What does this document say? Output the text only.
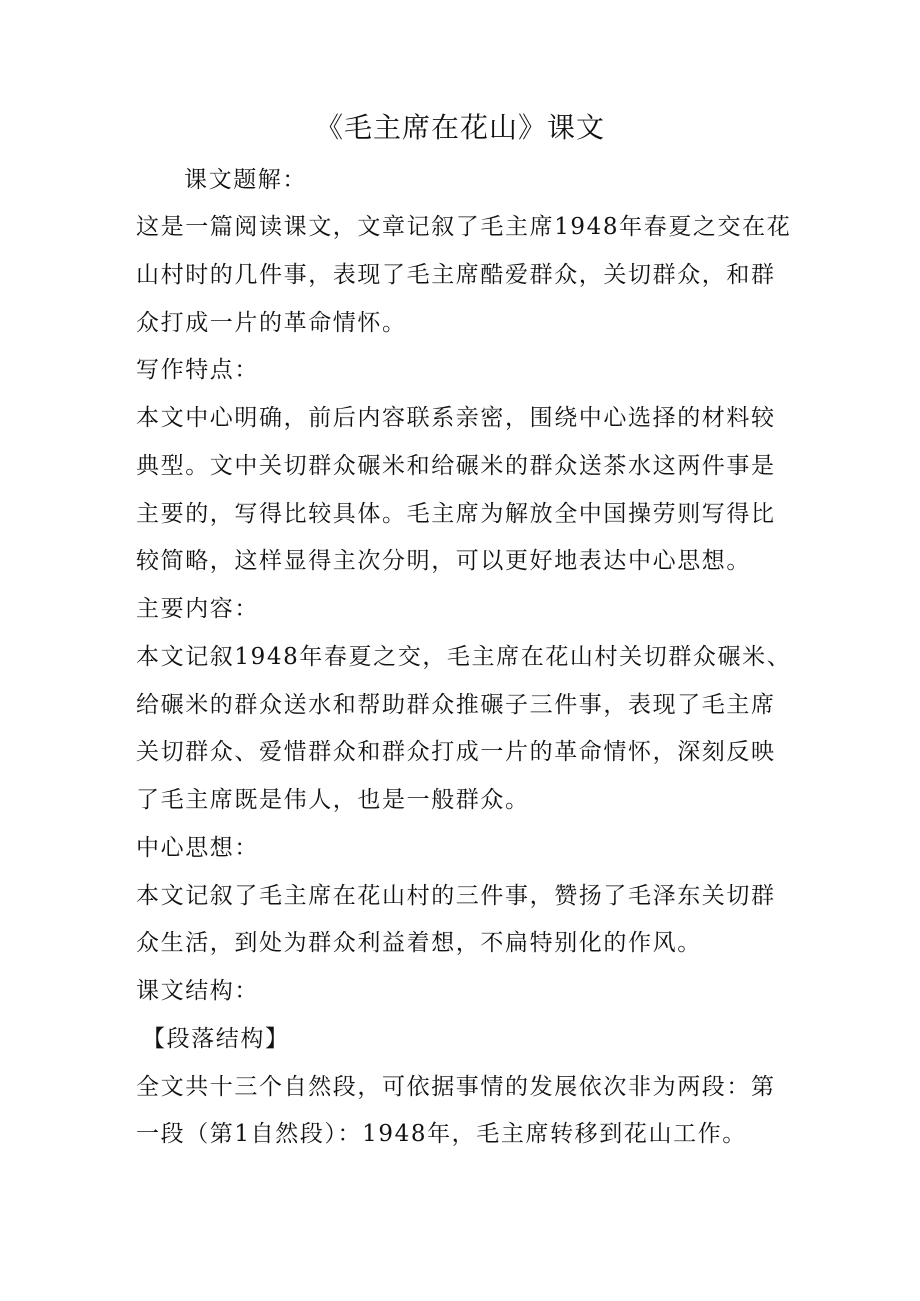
《毛主席在花山》课文

课文题解：

这是一篇阅读课文，文章记叙了毛主席1948年春夏之交在花

山村时的几件事，表现了毛主席酷爱群众，关切群众，和群

众打成一片的革命情怀。

写作特点：

本文中心明确，前后内容联系亲密，围绕中心选择的材料较

典型。文中关切群众碾米和给碾米的群众送茶水这两件事是

主要的，写得比较具体。毛主席为解放全中国操劳则写得比

较简略，这样显得主次分明，可以更好地表达中心思想。

主要内容：

本文记叙1948年春夏之交，毛主席在花山村关切群众碾米、

给碾米的群众送水和帮助群众推碾子三件事，表现了毛主席

关切群众、爱惜群众和群众打成一片的革命情怀，深刻反映

了毛主席既是伟人，也是一般群众。

中心思想：

本文记叙了毛主席在花山村的三件事，赞扬了毛泽东关切群

众生活，到处为群众利益着想，不扁特别化的作风。

课文结构：

【段落结构】

全文共十三个自然段，可依据事情的发展依次非为两段：第

一段（第1自然段）：1948年，毛主席转移到花山工作。
